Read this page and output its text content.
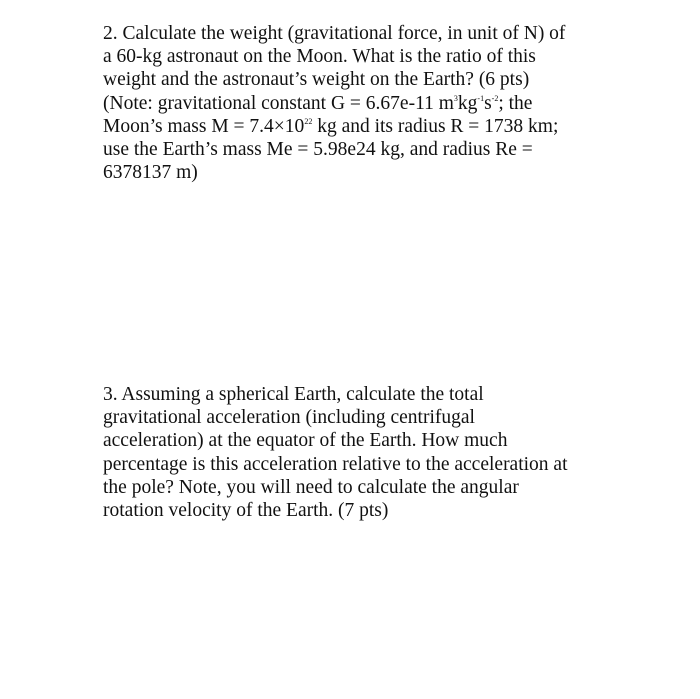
2. Calculate the weight (gravitational force, in unit of N) of
a 60-kg astronaut on the Moon. What is the ratio of this
weight and the astronaut’s weight on the Earth? (6 pts)
(Note: gravitational constant G = 6.67e-11 $m^3kg^{-1}s^{-2}$; the
Moon’s mass $M = 7.4\times 10^{22}$ kg and its radius R = 1738 km;
use the Earth’s mass Me = 5.98e24 kg, and radius Re =
6378137 m)
3. Assuming a spherical Earth, calculate the total
gravitational acceleration (including centrifugal
acceleration) at the equator of the Earth. How much
percentage is this acceleration relative to the acceleration at
the pole? Note, you will need to calculate the angular
rotation velocity of the Earth. (7 pts)
